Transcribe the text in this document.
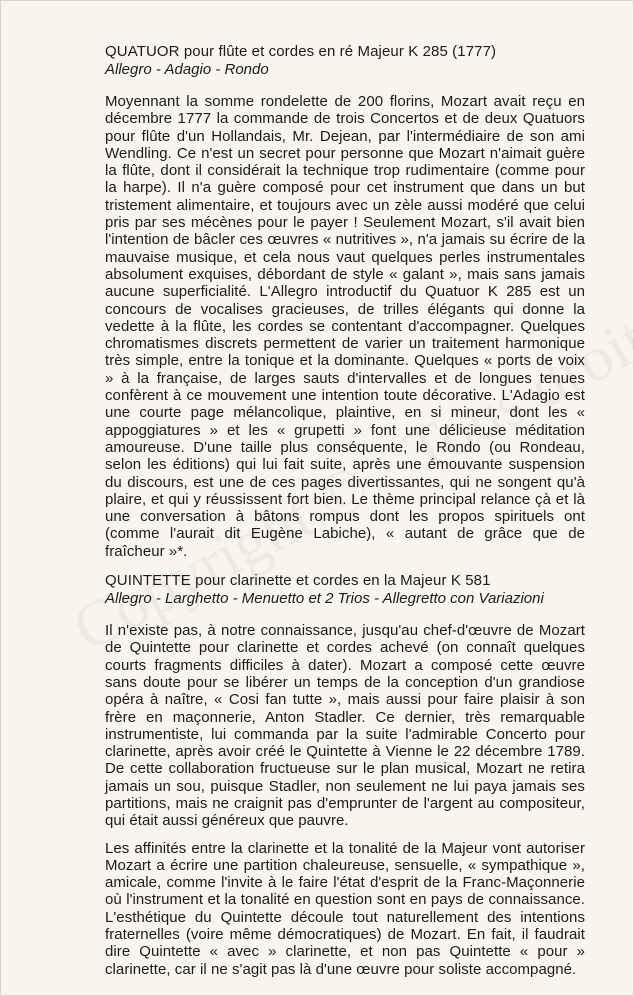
QUATUOR pour flûte et cordes en ré Majeur K 285 (1777)

Allegro - Adagio - Rondo

Moyennant la somme rondelette de 200 florins, Mozart avait reçu en décembre 1777 la commande de trois Concertos et de deux Quatuors pour flûte d'un Hollandais, Mr. Dejean, par l'intermédiaire de son ami Wendling. Ce n'est un secret pour personne que Mozart n'aimait guère la flûte, dont il considérait la technique trop rudimentaire (comme pour la harpe). Il n'a guère composé pour cet instrument que dans un but tristement alimentaire, et toujours avec un zèle aussi modéré que celui pris par ses mécènes pour le payer ! Seulement Mozart, s'il avait bien l'intention de bâcler ces œuvres « nutritives », n'a jamais su écrire de la mauvaise musique, et cela nous vaut quelques perles instrumentales absolument exquises, débordant de style « galant », mais sans jamais aucune superficialité. L'Allegro introductif du Quatuor K 285 est un concours de vocalises gracieuses, de trilles élégants qui donne la vedette à la flûte, les cordes se contentant d'accompagner. Quelques chromatismes discrets permettent de varier un traitement harmonique très simple, entre la tonique et la dominante. Quelques « ports de voix » à la française, de larges sauts d'intervalles et de longues tenues confèrent à ce mouvement une intention toute décorative. L'Adagio est une courte page mélancolique, plaintive, en si mineur, dont les « appoggiatures » et les « grupetti » font une délicieuse méditation amoureuse. D'une taille plus conséquente, le Rondo (ou Rondeau, selon les éditions) qui lui fait suite, après une émouvante suspension du discours, est une de ces pages divertissantes, qui ne songent qu'à plaire, et qui y réussissent fort bien. Le thème principal relance çà et là une conversation à bâtons rompus dont les propos spirituels ont (comme l'aurait dit Eugène Labiche), « autant de grâce que de fraîcheur »*.

QUINTETTE pour clarinette et cordes en la Majeur K 581

Allegro - Larghetto - Menuetto et 2 Trios - Allegretto con Variazioni

Il n'existe pas, à notre connaissance, jusqu'au chef-d'œuvre de Mozart de Quintette pour clarinette et cordes achevé (on connaît quelques courts fragments difficiles à dater). Mozart a composé cette œuvre sans doute pour se libérer un temps de la conception d'un grandiose opéra à naître, « Cosi fan tutte », mais aussi pour faire plaisir à son frère en maçonnerie, Anton Stadler. Ce dernier, très remarquable instrumentiste, lui commanda par la suite l'admirable Concerto pour clarinette, après avoir créé le Quintette à Vienne le 22 décembre 1789. De cette collaboration fructueuse sur le plan musical, Mozart ne retira jamais un sou, puisque Stadler, non seulement ne lui paya jamais ses partitions, mais ne craignit pas d'emprunter de l'argent au compositeur, qui était aussi généreux que pauvre.

Les affinités entre la clarinette et la tonalité de la Majeur vont autoriser Mozart a écrire une partition chaleureuse, sensuelle, « sympathique », amicale, comme l'invite à le faire l'état d'esprit de la Franc-Maçonnerie où l'instrument et la tonalité en question sont en pays de connaissance. L'esthétique du Quintette découle tout naturellement des intentions fraternelles (voire même démocratiques) de Mozart. En fait, il faudrait dire Quintette « avec » clarinette, et non pas Quintette « pour » clarinette, car il ne s'agit pas là d'une œuvre pour soliste accompagné.
